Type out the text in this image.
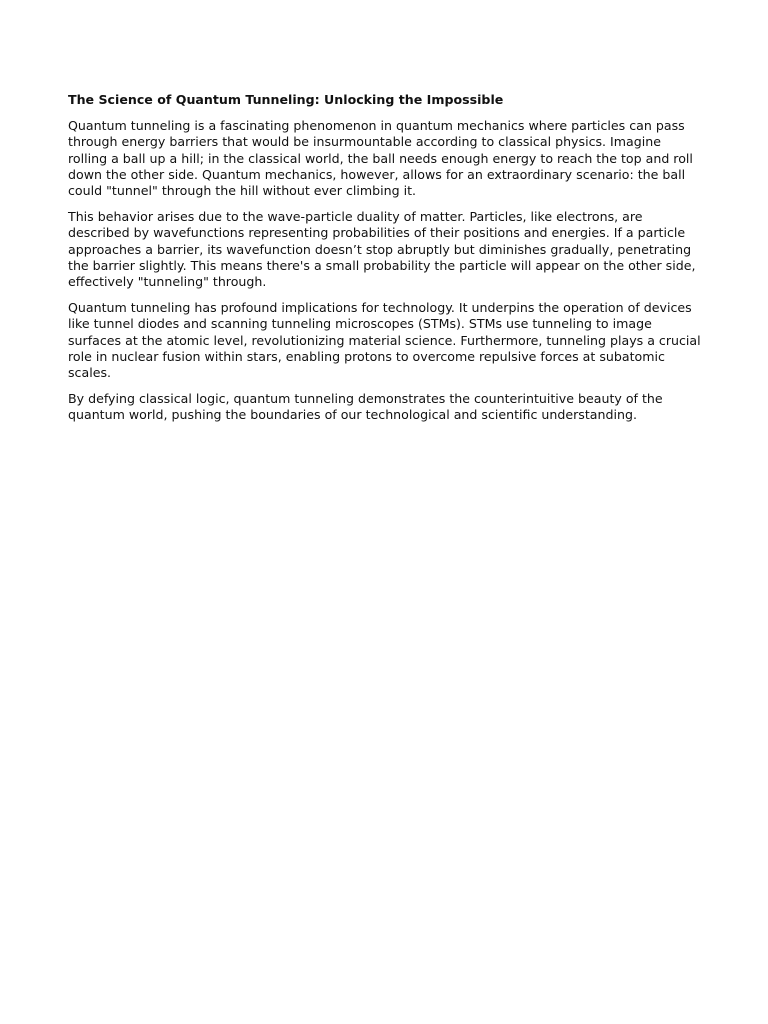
The Science of Quantum Tunneling: Unlocking the Impossible

Quantum tunneling is a fascinating phenomenon in quantum mechanics where particles can pass through energy barriers that would be insurmountable according to classical physics. Imagine rolling a ball up a hill; in the classical world, the ball needs enough energy to reach the top and roll down the other side. Quantum mechanics, however, allows for an extraordinary scenario: the ball could "tunnel" through the hill without ever climbing it.

This behavior arises due to the wave-particle duality of matter. Particles, like electrons, are described by wavefunctions representing probabilities of their positions and energies. If a particle approaches a barrier, its wavefunction doesn’t stop abruptly but diminishes gradually, penetrating the barrier slightly. This means there's a small probability the particle will appear on the other side, effectively "tunneling" through.

Quantum tunneling has profound implications for technology. It underpins the operation of devices like tunnel diodes and scanning tunneling microscopes (STMs). STMs use tunneling to image surfaces at the atomic level, revolutionizing material science. Furthermore, tunneling plays a crucial role in nuclear fusion within stars, enabling protons to overcome repulsive forces at subatomic scales.

By defying classical logic, quantum tunneling demonstrates the counterintuitive beauty of the quantum world, pushing the boundaries of our technological and scientific understanding.
